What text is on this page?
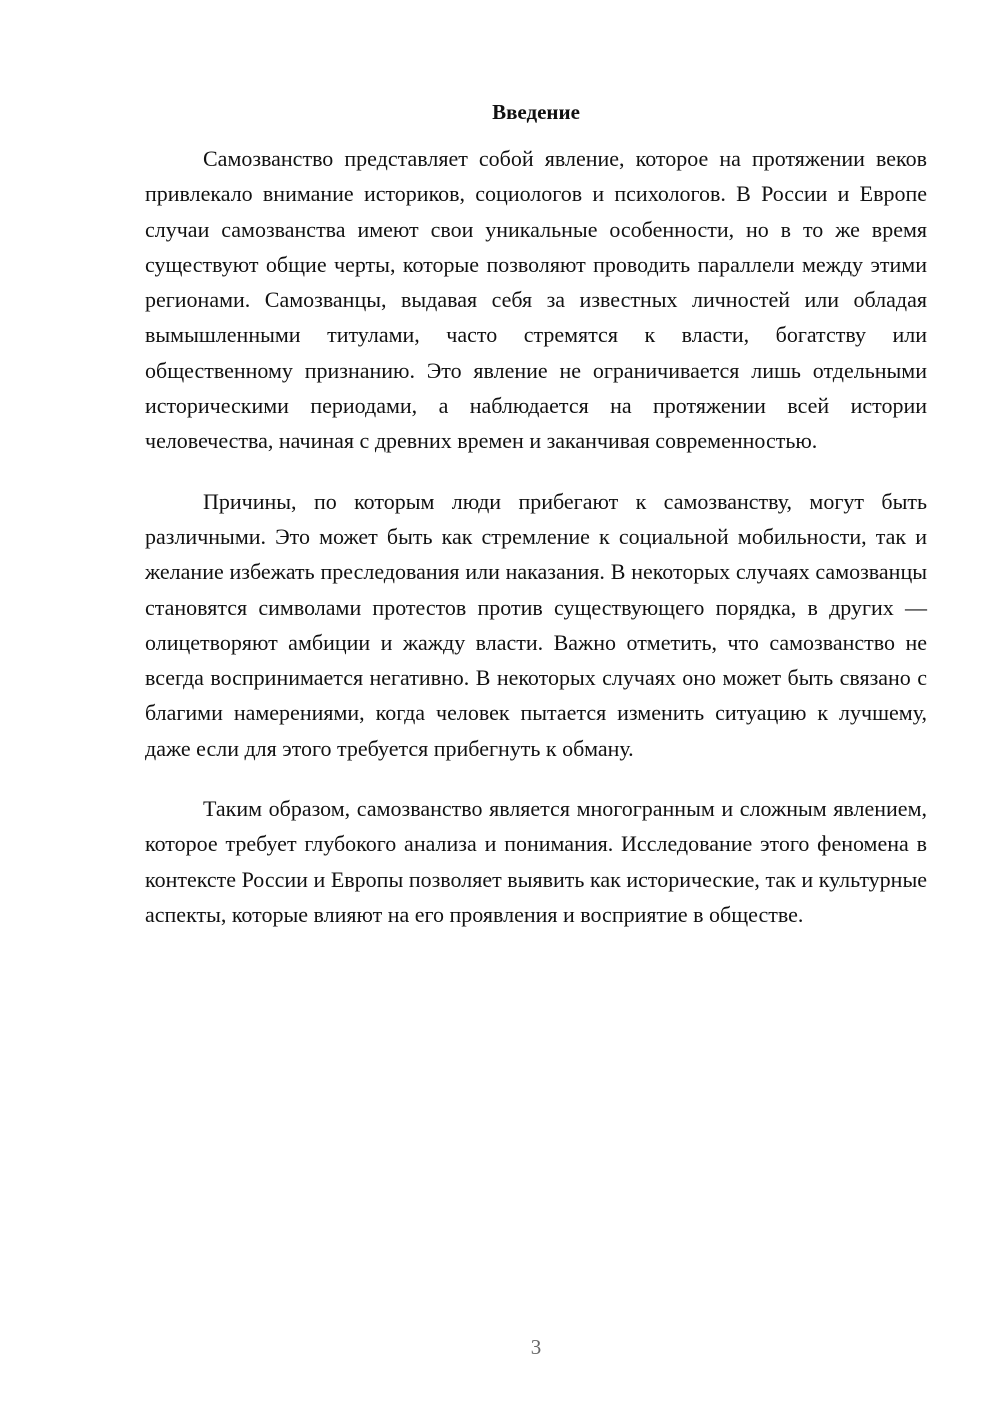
Введение

Самозванство представляет собой явление, которое на протяжении веков привлекало внимание историков, социологов и психологов. В России и Европе случаи самозванства имеют свои уникальные особенности, но в то же время существуют общие черты, которые позволяют проводить параллели между этими регионами. Самозванцы, выдавая себя за известных личностей или обладая вымышленными титулами, часто стремятся к власти, богатству или общественному признанию. Это явление не ограничивается лишь отдельными историческими периодами, а наблюдается на протяжении всей истории человечества, начиная с древних времен и заканчивая современностью.

Причины, по которым люди прибегают к самозванству, могут быть различными. Это может быть как стремление к социальной мобильности, так и желание избежать преследования или наказания. В некоторых случаях самозванцы становятся символами протестов против существующего порядка, в других — олицетворяют амбиции и жажду власти. Важно отметить, что самозванство не всегда воспринимается негативно. В некоторых случаях оно может быть связано с благими намерениями, когда человек пытается изменить ситуацию к лучшему, даже если для этого требуется прибегнуть к обману.

Таким образом, самозванство является многогранным и сложным явлением, которое требует глубокого анализа и понимания. Исследование этого феномена в контексте России и Европы позволяет выявить как исторические, так и культурные аспекты, которые влияют на его проявления и восприятие в обществе.

3
